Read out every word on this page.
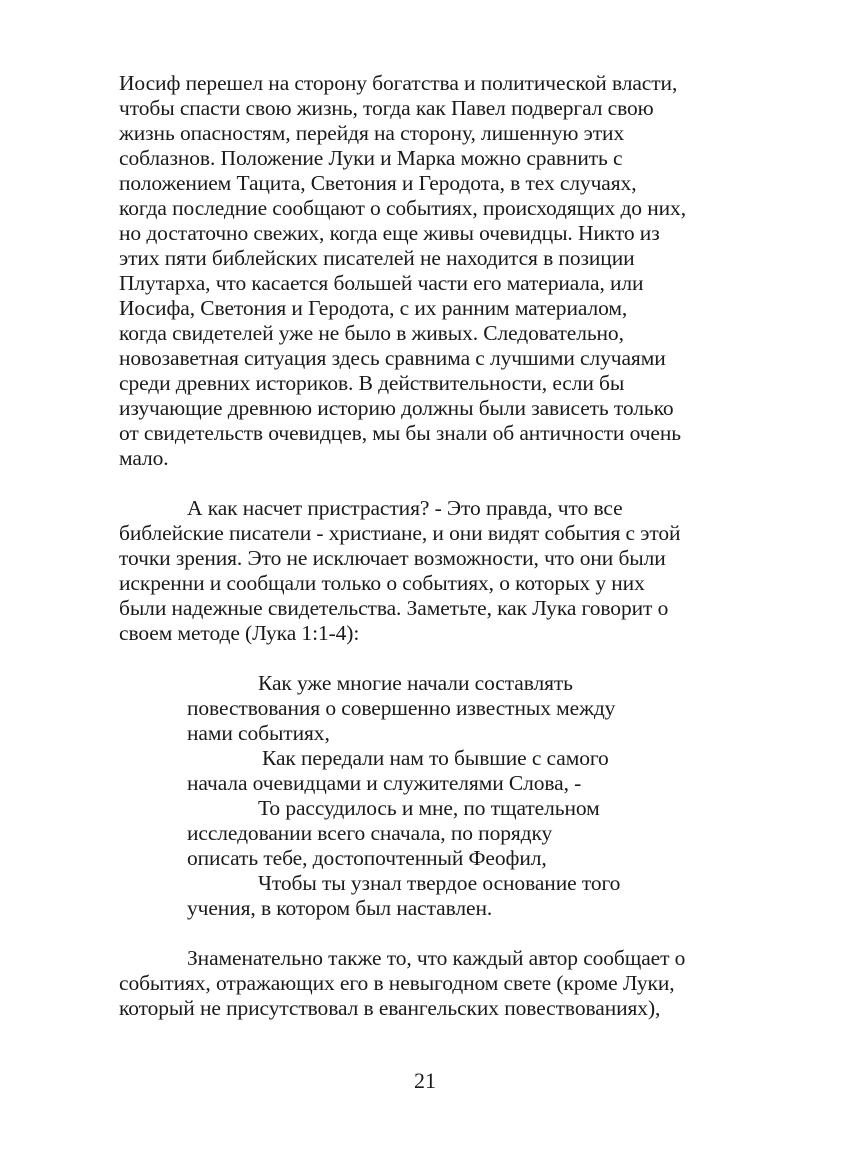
Иосиф перешел на сторону богатства и политической власти,
чтобы спасти свою жизнь, тогда как Павел подвергал свою
жизнь опасностям, перейдя на сторону, лишенную этих
соблазнов. Положение Луки и Марка можно сравнить с
положением Тацита, Светония и Геродота, в тех случаях,
когда последние сообщают о событиях, происходящих до них,
но достаточно свежих, когда еще живы очевидцы. Никто из
этих пяти библейских писателей не находится в позиции
Плутарха, что касается большей части его материала, или
Иосифа, Светония и Геродота, с их ранним материалом,
когда свидетелей уже не было в живых. Следовательно,
новозаветная ситуация здесь сравнима с лучшими случаями
среди древних историков. В действительности, если бы
изучающие древнюю историю должны были зависеть только
от свидетельств очевидцев, мы бы знали об античности очень
мало.
А как насчет пристрастия? - Это правда, что все
библейские писатели - христиане, и они видят события с этой
точки зрения. Это не исключает возможности, что они были
искренни и сообщали только о событиях, о которых у них
были надежные свидетельства. Заметьте, как Лука говорит о
своем методе (Лука 1:1-4):
Как уже многие начали составлять
повествования о совершенно известных между
нами событиях,
Как передали нам то бывшие с самого
начала очевидцами и служителями Слова, -
То рассудилось и мне, по тщательном
исследовании всего сначала, по порядку
описать тебе, достопочтенный Феофил,
Чтобы ты узнал твердое основание того
учения, в котором был наставлен.
Знаменательно также то, что каждый автор сообщает о
событиях, отражающих его в невыгодном свете (кроме Луки,
который не присутствовал в евангельских повествованиях),
21
